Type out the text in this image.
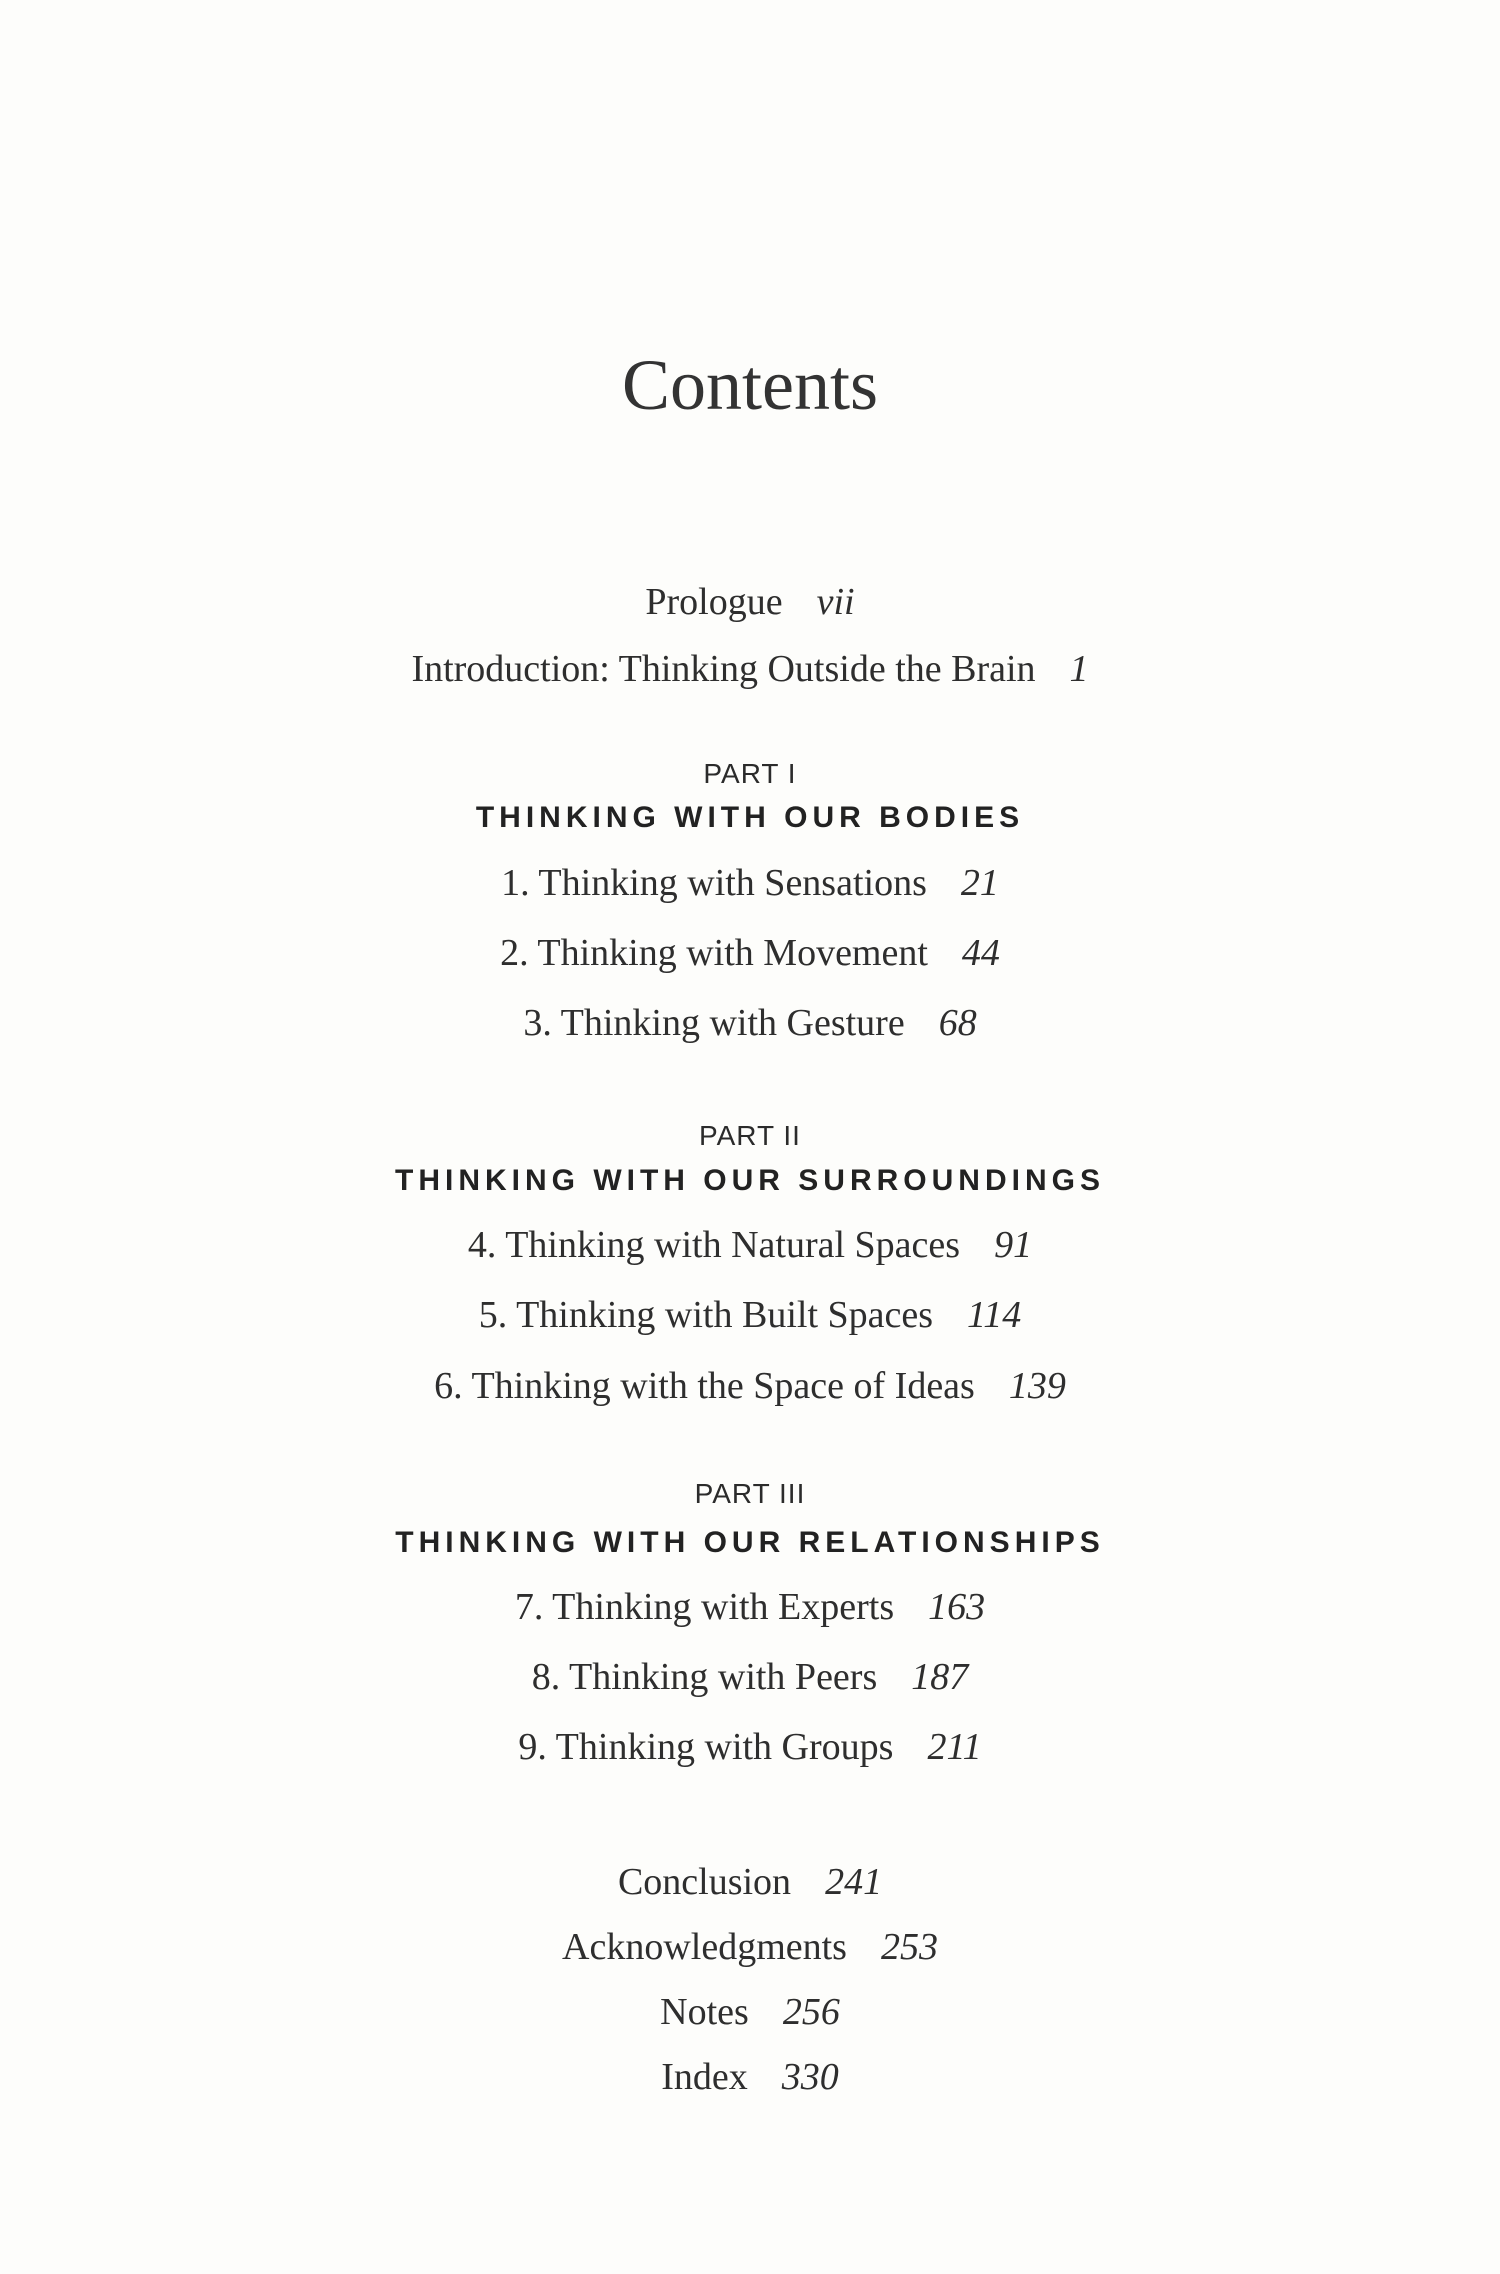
Contents
Prologue vii
Introduction: Thinking Outside the Brain 1
PART I
THINKING WITH OUR BODIES
1. Thinking with Sensations 21
2. Thinking with Movement 44
3. Thinking with Gesture 68
PART II
THINKING WITH OUR SURROUNDINGS
4. Thinking with Natural Spaces 91
5. Thinking with Built Spaces 114
6. Thinking with the Space of Ideas 139
PART III
THINKING WITH OUR RELATIONSHIPS
7. Thinking with Experts 163
8. Thinking with Peers 187
9. Thinking with Groups 211
Conclusion 241
Acknowledgments 253
Notes 256
Index 330
